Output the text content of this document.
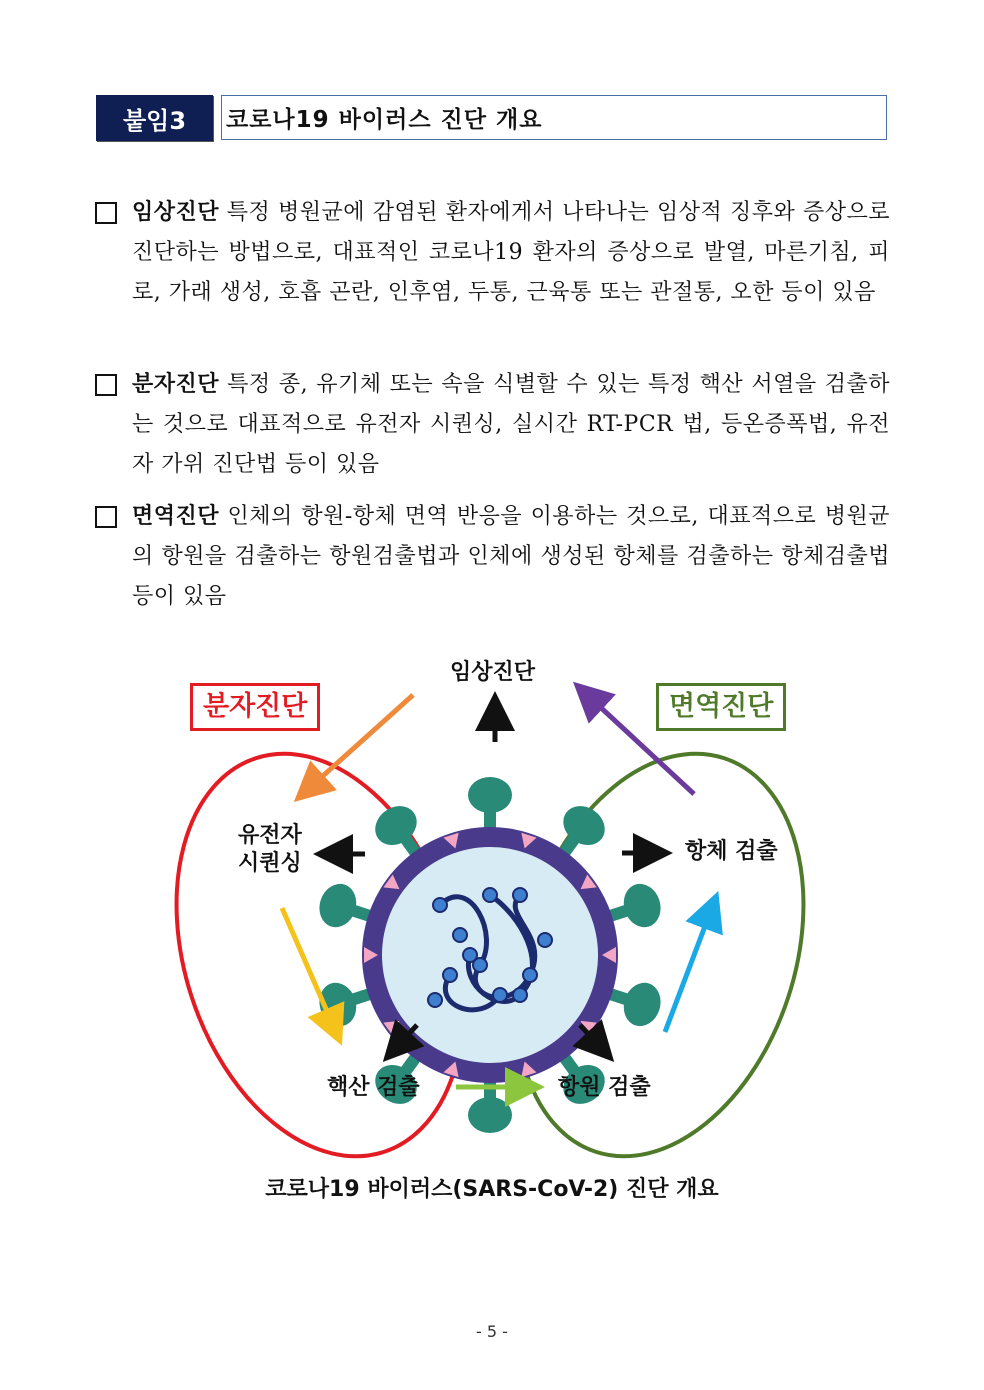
붙임3	코로나19 바이러스 진단 개요
임상진단 특정 병원균에 감염된 환자에게서 나타나는 임상적 징후와 증상으로 진단하는 방법으로, 대표적인 코로나19 환자의 증상으로 발열, 마른기침, 피로, 가래 생성, 호흡 곤란, 인후염, 두통, 근육통 또는 관절통, 오한 등이 있음
분자진단 특정 종, 유기체 또는 속을 식별할 수 있는 특정 핵산 서열을 검출하는 것으로 대표적으로 유전자 시퀀싱, 실시간 RT-PCR 법, 등온증폭법, 유전자 가위 진단법 등이 있음
면역진단 인체의 항원-항체 면역 반응을 이용하는 것으로, 대표적으로 병원균의 항원을 검출하는 항원검출법과 인체에 생성된 항체를 검출하는 항체검출법 등이 있음
임상진단
분자진단	면역진단
유전자
시퀀싱	항체 검출
핵산 검출	항원 검출
코로나19 바이러스(SARS-CoV-2) 진단 개요
- 5 -
